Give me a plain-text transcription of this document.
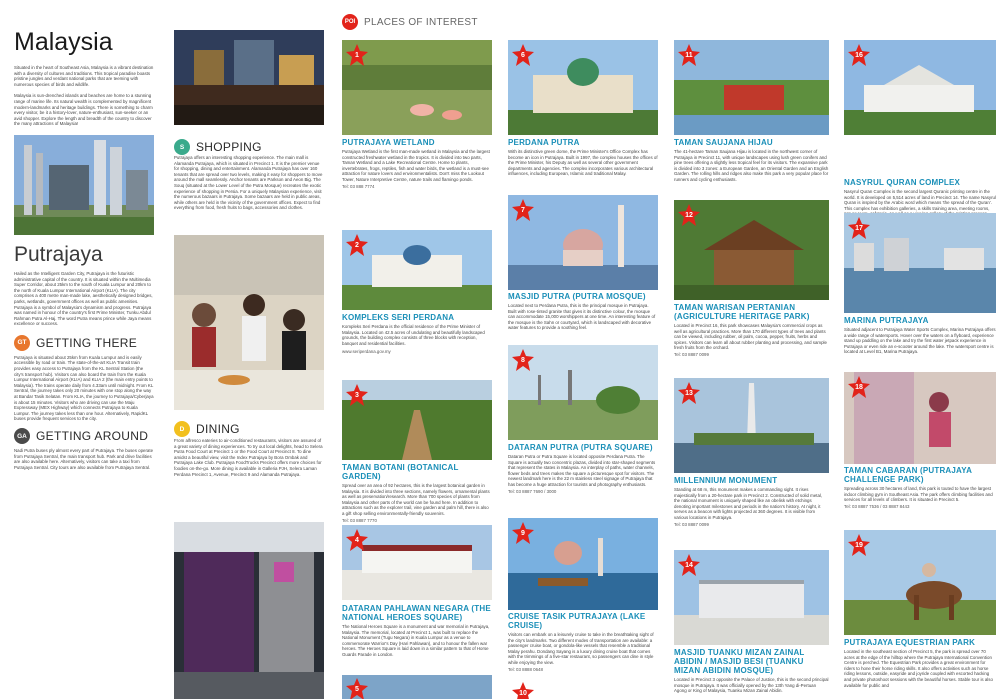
Malaysia

Situated in the heart of Southeast Asia, Malaysia is a vibrant destination with a diversity of cultures and traditions. This tropical paradise boasts pristine jungles and verdant national parks that are teeming with numerous species of birds and wildlife.

Malaysia is sun-drenched islands and beaches are home to a stunning range of marine life. Its natural wealth is complemented by magnificent modern-landmarks and heritage buildings. There is something to charm every visitor, be it a history-lover, nature-enthusiast, sun-seeker or an avid shopper. Explore the length and breadth of the country to discover the many attractions of Malaysia!

Putrajaya

Hailed as the Intelligent Garden City, Putrajaya is the futuristic administrative capital of the country. It is situated within the Multimedia Super Corridor, about 25km to the south of Kuala Lumpur and 20km to the north of Kuala Lumpur International Airport (KLIA). The city comprises a 400 metre man-made lake, aesthetically designed bridges, parks, wetlands, government offices as well as public amenities. Putrajaya is a symbol of Malaysia's dynamism and progress. Putrajaya was named in honour of the country's first Prime Minister, Tunku Abdul Rahman Putra Al-Haj. The word Putra means prince while Jaya means excellence or success.

GT GETTING THERE

Putrajaya is situated about 25km from Kuala Lumpur and is easily accessible by road or train. The state-of-the-art KLIA Transit train provides easy access to Putrajaya from the KL Sentral Station (the city's transport hub). Visitors can also board the train from the Kuala Lumpur International Airport (KLIA) and KLIA 2 (the main entry points to Malaysia). The trains operate daily from 4.33am until midnight. From KL Sentral, the journey takes only 20 minutes with one stop along the way at Bandar Tasik Selatan. From KLIA, the journey to Putrajaya/Cyberjaya is about 15 minutes. Visitors who are driving can use the Maju Expressway (MEX Highway) which connects Putrajaya to Kuala Lumpur. The journey takes less than one hour. Alternatively, RapidKL buses provide frequent services to the city.

GA GETTING AROUND

Nadi Putra buses ply almost every part of Putrajaya. The buses operate from Putrajaya Sentral, the main transport hub. Park and drive facilities are also available here. Alternatively, visitors can take a taxi from Putrajaya Sentral. City tours are also available from Putrajaya Sentral.

S SHOPPING

Putrajaya offers an interesting shopping experience. The main mall is Alamanda Putrajaya, which is situated in Precinct 1. It is the premier venue for shopping, dining and entertainment. Alamanda Putrajaya has over 160 tenants that are spread over two levels, making it easy for shoppers to move around the mall seamlessly. Anchor tenants are Parkson and Aeon Big. The Souq (situated at the Lower Level of the Putra Mosque) recreates the exotic experience of shopping in Persia. For a uniquely Malaysian experience, visit the numerous bazaars in Putrajaya. Some bazaars are held in public areas, while others are held in the vicinity of the government offices. Expect to find everything from food, fresh fruits to bags, accessories and clothes.

D DINING

From alfresco eateries to air-conditioned restaurants, visitors are assured of a great variety of dining experiences. To try out local delights, head to Selera Putra Food Court at Precinct 1 or the Food Court at Precinct 8. To dine amidst a beautiful view, visit the Index Putrajaya by Bora Ombak and Putrajaya Lake Club. Putrajaya FoodTrucks Precinct offers more choices for foodies on-the-go. More dining is available in Galleria PJH, Selera Laman Perdana Precinct 1, Avenue, Precinct 9 and Alamanda Putrajaya.

POI PLACES OF INTEREST
1
PUTRAJAYA WETLAND

Putrajaya Wetland is the first man-made wetland in Malaysia and the largest constructed freshwater wetland in the tropics. It is divided into two parts, Taman Wetland and a Lake Recreational Centre. Home to plants, invertebrates, frogs, reptiles, fish and water birds, the wetland is a must-see attraction for nature lovers and environmentalists. Don't miss the Lookout Tower, Nature Interpretive Centre, nature trails and flamingo ponds.

Tel: 03 888 7774
2
KOMPLEKS SERI PERDANA

Kompleks Seri Perdana is the official residence of the Prime Minister of Malaysia. Located on 42.5 acres of undulating and beautifully landscaped grounds, the building complex consists of three blocks with reception, banquet and residential facilities.

www.seriperdana.gov.my
3
TAMAN BOTANI (BOTANICAL GARDEN)

Spread over an area of 92 hectares, this is the largest botanical garden in Malaysia. It is divided into three sections, namely flowers, ornamental plants as well as preservation/research. More than 700 species of plants from Malaysia and other parts of the world can be found here. In addition to attractions such as the explorer trail, vine garden and palm hill, there is also a gift shop selling environmentally-friendly souvenirs.

Tel: 03 8887 7770
4
DATARAN PAHLAWAN NEGARA (THE NATIONAL HEROES SQUARE)

The National Heroes Square is a monument and war memorial in Putrajaya, Malaysia. The memorial, located at Precinct 1, was built to replace the National Monument (Tugu Negara) in Kuala Lumpur as a venue to commemorate Warrior's Day (Hari Pahlawan), and to honour the fallen war heroes. The Heroes Square is laid down in a similar pattern to that of Horse Guards Parade in London.

5
6
PERDANA PUTRA

With its distinctive green dome, the Prime Minister's Office Complex has become an icon in Putrajaya. Built in 1997, the complex houses the offices of the Prime Minister, his Deputy as well as several other government departments and agencies. The complex incorporates various architectural influences, including European, Islamic and traditional Malay.

7
MASJID PUTRA (PUTRA MOSQUE)

Located next to Perdana Putra, this is the principal mosque in Putrajaya. Built with rose-tinted granite that gives it its distinctive colour, the mosque can accommodate 15,000 worshippers at one time. An interesting feature of the mosque is the Sahn or courtyard, which is landscaped with decorative water features to provide a soothing feel.

8
DATARAN PUTRA (PUTRA SQUARE)

Dataran Putra or Putra Square is located opposite Perdana Putra. The Square is actually two concentric plazas, divided into star-shaped segments that represent the states in Malaysia. An interplay of paths, water channels, flower beds and trees makes the square a picturesque spot for visitors. The newest landmark here is the 22 m stainless steel signage of Putrajaya that has become a huge attraction for tourists and photography enthusiasts.

Tel: 03 8887 7690 / 3000
9
CRUISE TASIK PUTRAJAYA (LAKE CRUISE)

Visitors can embark on a leisurely cruise to take in the breathtaking sight of the city's landmarks. Two different modes of transportation are available: a passenger cruise boat, or gondola-like vessels that resemble a traditional Malay perahu. Dondang Sayang is a luxury dining cruise boat that comes with the trimmings of a five-star restaurant, so passengers can dine in style while enjoying the view.

Tel: 03 8888 0648
10
11
TAMAN SAUJANA HIJAU

The 41-hectare Taman Saujana Hijau is located in the northwest corner of Putrajaya in Precinct 11, with unique landscapes using lush green conifers and pine trees offering a slightly less tropical feel for its visitors. The expansive park is divided into 3 zones: a European Garden, an Oriental Garden and an English Garden. The rolling hills and ridges also make this park a very popular place for runners and cycling enthusiasts.

12
TAMAN WARISAN PERTANIAN (AGRICULTURE HERITAGE PARK)

Located in Precinct 16, this park showcases Malaysia's commercial crops as well as agricultural practices. More than 170 different types of trees and plants can be viewed, including rubber, oil palm, cocoa, pepper, fruits, herbs and spices. Visitors can learn all about rubber planting and processing, and sample fresh fruits from the orchard.

Tel: 03 8887 0099
13
MILLENNIUM MONUMENT

Standing at 68 m, this monument makes a commanding sight. It rises majestically from a 20-hectare park in Precinct 2. Constructed of solid metal, the national monument is uniquely shaped like an obelisk with etchings denoting important milestones and periods in the nation's history. At night, it serves as a beacon with lights projected at 360 degrees. It is visible from various locations in Putrajaya.

Tel: 03 8887 0099
14
MASJID TUANKU MIZAN ZAINAL ABIDIN / MASJID BESI (TUANKU MIZAN ABIDIN MOSQUE)

Located in Precinct 3 opposite the Palace of Justice, this is the second principal mosque in Putrajaya. It was officially opened by the 13th Yang di-Pertuan Agong or King of Malaysia, Tuanku Mizan Zainal Abidin.

16
NASYRUL QURAN COMPLEX

Nasyrul Quran Complex is the second largest Quranic printing centre in the world. It is developed on 5,514 acres of land in Precinct 14. The name Nasyrul Quran is inspired by the Arabic word which means 'the spread of the Quran'. This complex has exhibition galleries, a skills training area, meeting rooms,

17
MARINA PUTRAJAYA

Situated adjacent to Putrajaya Water Sports Complex, Marina Putrajaya offers a wide range of watersports. Hover over the waters on a flyboard, experience stand up paddling on the lake and try the first water jetpack experience in Putrajaya or even ride an e-scooter around the lake. The watersport centre is located at Level B1, Marina Putrajaya.

18
TAMAN CABARAN (PUTRAJAYA CHALLENGE PARK)

Spreading across 30 hectares of land, this park is touted to have the largest indoor climbing gym in Southeast Asia. The park offers climbing facilities and services for all levels of climbers. It is situated in Precinct 5.

Tel: 03 8887 7536 / 03 8887 8443
19
PUTRAJAYA EQUESTRIAN PARK

Located in the southeast section of Precinct 5, the park is spread over 70 acres at the edge of the hilltop where the Putrajaya International Convention Centre is perched. The Equestrian Park provides a great environment for riders to hone their horse riding skills. It also offers activities such as horse riding lessons, outside, easyride and joyride coupled with escorted hacking and private photoshoot sessions with the beautiful horses. Stable tour is also available for public and
